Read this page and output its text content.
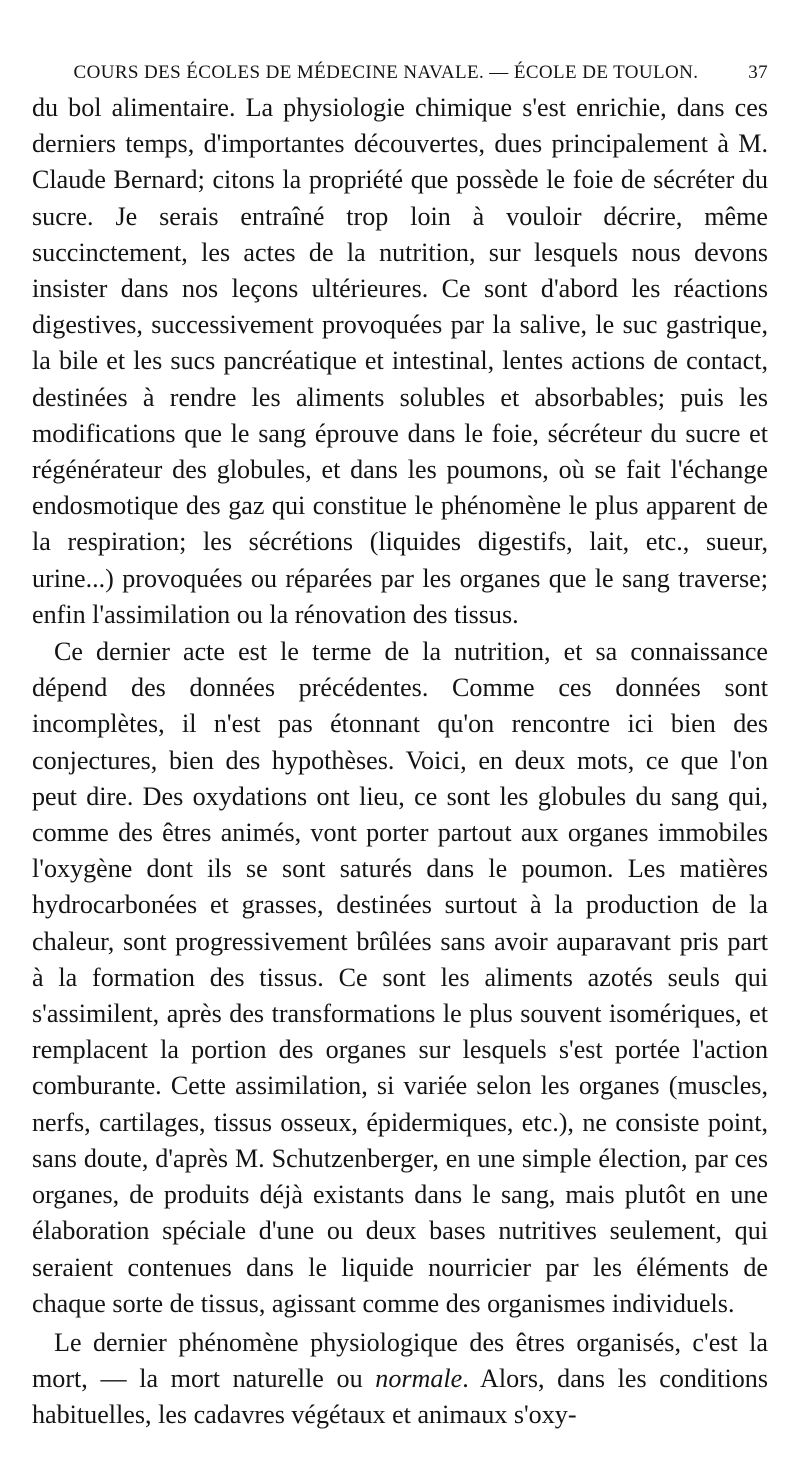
COURS DES ÉCOLES DE MÉDECINE NAVALE. — ÉCOLE DE TOULON.	37

du bol alimentaire. La physiologie chimique s'est enrichie, dans ces derniers temps, d'importantes découvertes, dues principalement à M. Claude Bernard; citons la propriété que possède le foie de sécréter du sucre. Je serais entraîné trop loin à vouloir décrire, même succinctement, les actes de la nutrition, sur lesquels nous devons insister dans nos leçons ultérieures. Ce sont d'abord les réactions digestives, successivement provoquées par la salive, le suc gastrique, la bile et les sucs pancréatique et intestinal, lentes actions de contact, destinées à rendre les aliments solubles et absorbables; puis les modifications que le sang éprouve dans le foie, sécréteur du sucre et régénérateur des globules, et dans les poumons, où se fait l'échange endosmotique des gaz qui constitue le phénomène le plus apparent de la respiration; les sécrétions (liquides digestifs, lait, etc., sueur, urine...) provoquées ou réparées par les organes que le sang traverse; enfin l'assimilation ou la rénovation des tissus.

Ce dernier acte est le terme de la nutrition, et sa connaissance dépend des données précédentes. Comme ces données sont incomplètes, il n'est pas étonnant qu'on rencontre ici bien des conjectures, bien des hypothèses. Voici, en deux mots, ce que l'on peut dire. Des oxydations ont lieu, ce sont les globules du sang qui, comme des êtres animés, vont porter partout aux organes immobiles l'oxygène dont ils se sont saturés dans le poumon. Les matières hydrocarbonées et grasses, destinées surtout à la production de la chaleur, sont progressivement brûlées sans avoir auparavant pris part à la formation des tissus. Ce sont les aliments azotés seuls qui s'assimilent, après des transformations le plus souvent isomériques, et remplacent la portion des organes sur lesquels s'est portée l'action comburante. Cette assimilation, si variée selon les organes (muscles, nerfs, cartilages, tissus osseux, épidermiques, etc.), ne consiste point, sans doute, d'après M. Schutzenberger, en une simple élection, par ces organes, de produits déjà existants dans le sang, mais plutôt en une élaboration spéciale d'une ou deux bases nutritives seulement, qui seraient contenues dans le liquide nourricier par les éléments de chaque sorte de tissus, agissant comme des organismes individuels.

Le dernier phénomène physiologique des êtres organisés, c'est la mort, — la mort naturelle ou normale. Alors, dans les conditions habituelles, les cadavres végétaux et animaux s'oxy-
